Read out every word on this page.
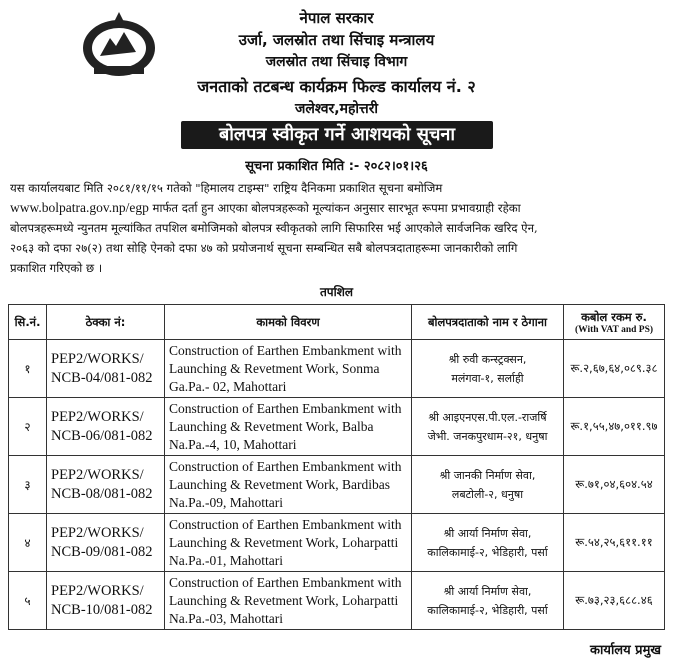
नेपाल सरकार
उर्जा, जलस्रोत तथा सिंचाइ मन्त्रालय
जलस्रोत तथा सिंचाइ विभाग
जनताको तटबन्ध कार्यक्रम फिल्ड कार्यालय नं. २
जलेश्वर,महोत्तरी
बोलपत्र स्वीकृत गर्ने आशयको सूचना
सूचना प्रकाशित मिति :- २०८२।०१।२६
यस कार्यालयबाट मिति २०८१/११/१५ गतेको "हिमालय टाइम्स" राष्ट्रिय दैनिकमा प्रकाशित सूचना बमोजिम
www.bolpatra.gov.np/egp मार्फत दर्ता हुन आएका बोलपत्रहरूको मूल्यांकन अनुसार सारभूत रूपमा प्रभावग्राही रहेका
बोलपत्रहरूमध्ये न्युनतम मूल्यांकित तपशिल बमोजिमको बोलपत्र स्वीकृतको लागि सिफारिस भई आएकोले सार्वजनिक खरिद ऐन,
२०६३ को दफा २७(२) तथा सोहि ऐनको दफा ४७ को प्रयोजनार्थ सूचना सम्बन्धित सबै बोलपत्रदाताहरूमा जानकारीको लागि
प्रकाशित गरिएको छ ।
तपशिल
सि.नं.	ठेक्का नं:	कामको विवरण	बोलपत्रदाताको नाम र ठेगाना	कबोल रकम रु.
(With VAT and PS)

१	PEP2/WORKS/
NCB-04/081-082	Construction of Earthen Embankment with Launching & Revetment Work, Sonma Ga.Pa.- 02, Mahottari	श्री रुवी कन्स्ट्रक्सन,
मलंगवा-१, सर्लाही	रू.२,६७,६४,०८९.३८
२	PEP2/WORKS/
NCB-06/081-082	Construction of Earthen Embankment with Launching & Revetment Work, Balba Na.Pa.-4, 10, Mahottari	श्री आइएनएस.पी.एल.-राजर्षि
जेभी. जनकपुरधाम-२१, धनुषा	रू.१,५५,४७,०११.९७
३	PEP2/WORKS/
NCB-08/081-082	Construction of Earthen Embankment with Launching & Revetment Work, Bardibas Na.Pa.-09, Mahottari	श्री जानकी निर्माण सेवा,
लबटोली-२, धनुषा	रू.७१,०४,६०४.५४
४	PEP2/WORKS/
NCB-09/081-082	Construction of Earthen Embankment with Launching & Revetment Work, Loharpatti Na.Pa.-01, Mahottari	श्री आर्या निर्माण सेवा,
कालिकामाई-२, भेडिहारी, पर्सा	रू.५४,२५,६११.११
५	PEP2/WORKS/
NCB-10/081-082	Construction of Earthen Embankment with Launching & Revetment Work, Loharpatti Na.Pa.-03, Mahottari	श्री आर्या निर्माण सेवा,
कालिकामाई-२, भेडिहारी, पर्सा	रू.७३,२३,६८८.४६
कार्यालय प्रमुख
